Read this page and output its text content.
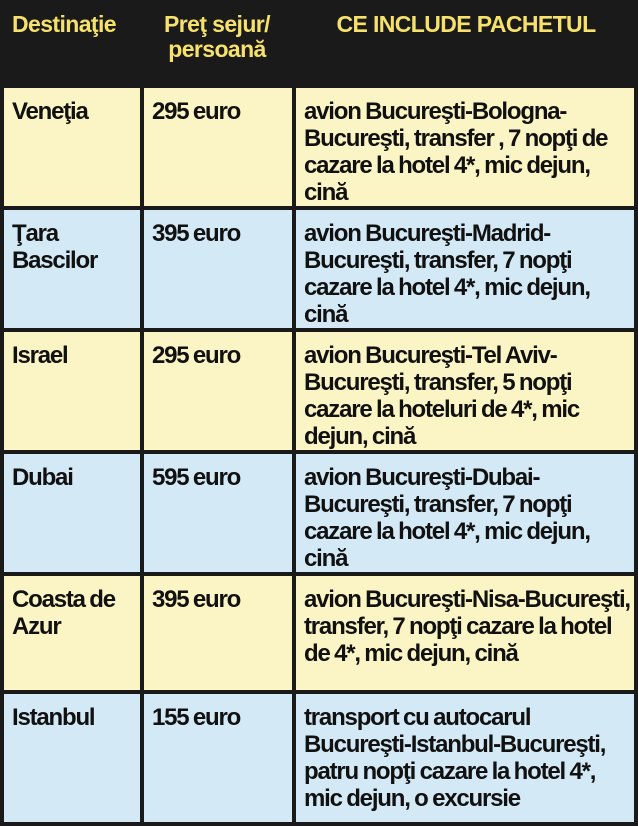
Destinaţie	Preţ sejur/ persoană	CE INCLUDE PACHETUL
Veneţia	295 euro	avion Bucureşti-Bologna-Bucureşti, transfer , 7 nopţi de cazare la hotel 4*, mic dejun, cină
Ţara Bascilor	395 euro	avion Bucureşti-Madrid-Bucureşti, transfer, 7 nopţi cazare la hotel 4*, mic dejun, cină
Israel	295 euro	avion Bucureşti-Tel Aviv-Bucureşti, transfer, 5 nopţi cazare la hoteluri de 4*, mic dejun, cină
Dubai	595 euro	avion Bucureşti-Dubai-Bucureşti, transfer, 7 nopţi cazare la hotel 4*, mic dejun, cină
Coasta de Azur	395 euro	avion Bucureşti-Nisa-Bucureşti, transfer, 7 nopţi cazare la hotel de 4*, mic dejun, cină
Istanbul	155 euro	transport cu autocarul Bucureşti-Istanbul-Bucureşti, patru nopţi cazare la hotel 4*, mic dejun, o excursie
